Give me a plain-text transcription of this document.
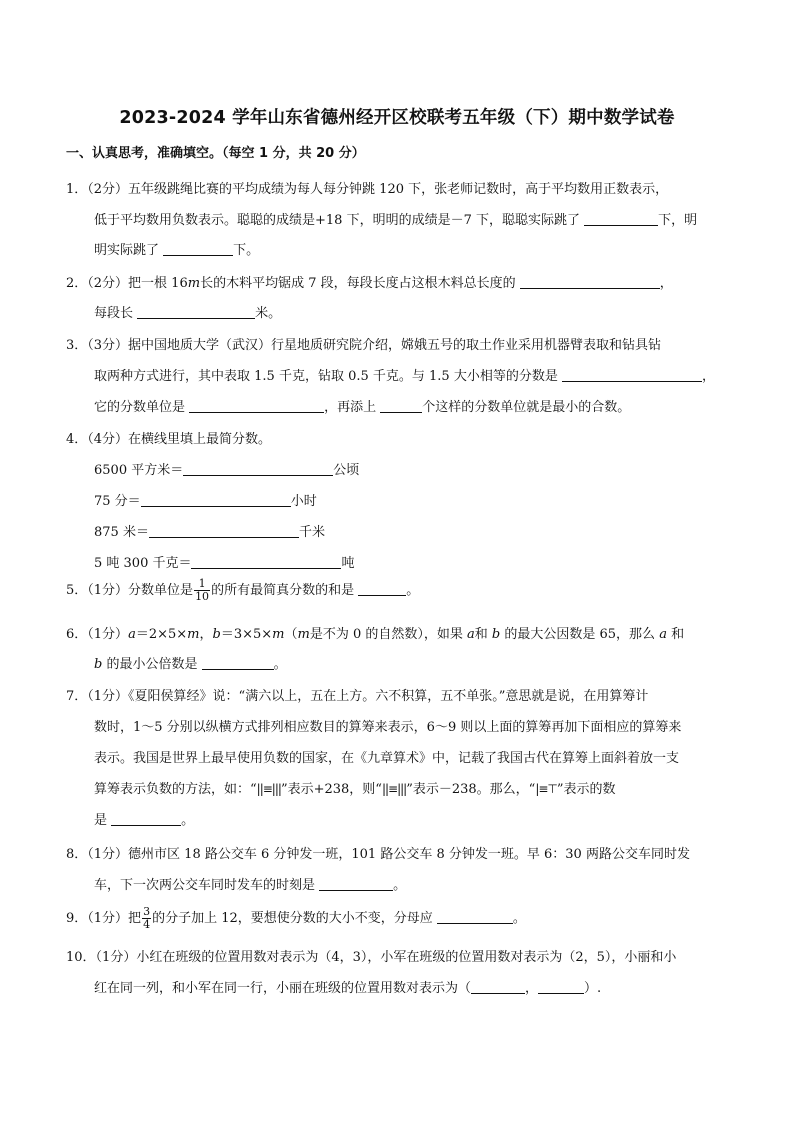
2023-2024 学年山东省德州经开区校联考五年级（下）期中数学试卷
一、认真思考，准确填空。（每空 1 分，共 20 分）
1．（2分）五年级跳绳比赛的平均成绩为每人每分钟跳 120 下，张老师记数时，高于平均数用正数表示，
低于平均数用负数表示。聪聪的成绩是+18 下，明明的成绩是－7 下，聪聪实际跳了	下，明
明实际跳了	下。
2．（2分）把一根 16m长的木料平均锯成 7 段，每段长度占这根木料总长度的	，
每段长	米。
3．（3分）据中国地质大学（武汉）行星地质研究院介绍，嫦娥五号的取土作业采用机器臂表取和钻具钻
取两种方式进行，其中表取 1.5 千克，钻取 0.5 千克。与 1.5 大小相等的分数是	，
它的分数单位是	，再添上	个这样的分数单位就是最小的合数。
4．（4分）在横线里填上最简分数。
6500 平方米＝	公顷
75 分＝	小时
875 米＝	千米
5 吨 300 千克＝	吨
5．（1分）分数单位是 $\frac{1}{10}$ 的所有最简真分数的和是	。
6．（1分）a＝2×5×m，b＝3×5×m（m是不为 0 的自然数），如果 a和 b 的最大公因数是 65，那么 a 和
b 的最小公倍数是	。
7．（1分）《夏阳侯算经》说：“满六以上，五在上方。六不积算，五不单张。”意思就是说，在用算筹计
数时，1～5 分别以纵横方式排列相应数目的算筹来表示，6～9 则以上面的算筹再加下面相应的算筹来
表示。我国是世界上最早使用负数的国家，在《九章算术》中，记载了我国古代在算筹上面斜着放一支
算筹表示负数的方法，如：“||≡|||”表示+238，则“||≡|||”表示－238。那么，“|≡⊤”表示的数
是	。
8．（1分）德州市区 18 路公交车 6 分钟发一班，101 路公交车 8 分钟发一班。早 6：30 两路公交车同时发
车，下一次两公交车同时发车的时刻是	。
9．（1分）把 $\frac{3}{4}$ 的分子加上 12，要想使分数的大小不变，分母应	。
10．（1分）小红在班级的位置用数对表示为（4，3），小军在班级的位置用数对表示为（2，5），小丽和小
红在同一列，和小军在同一行，小丽在班级的位置用数对表示为（	，	）.
